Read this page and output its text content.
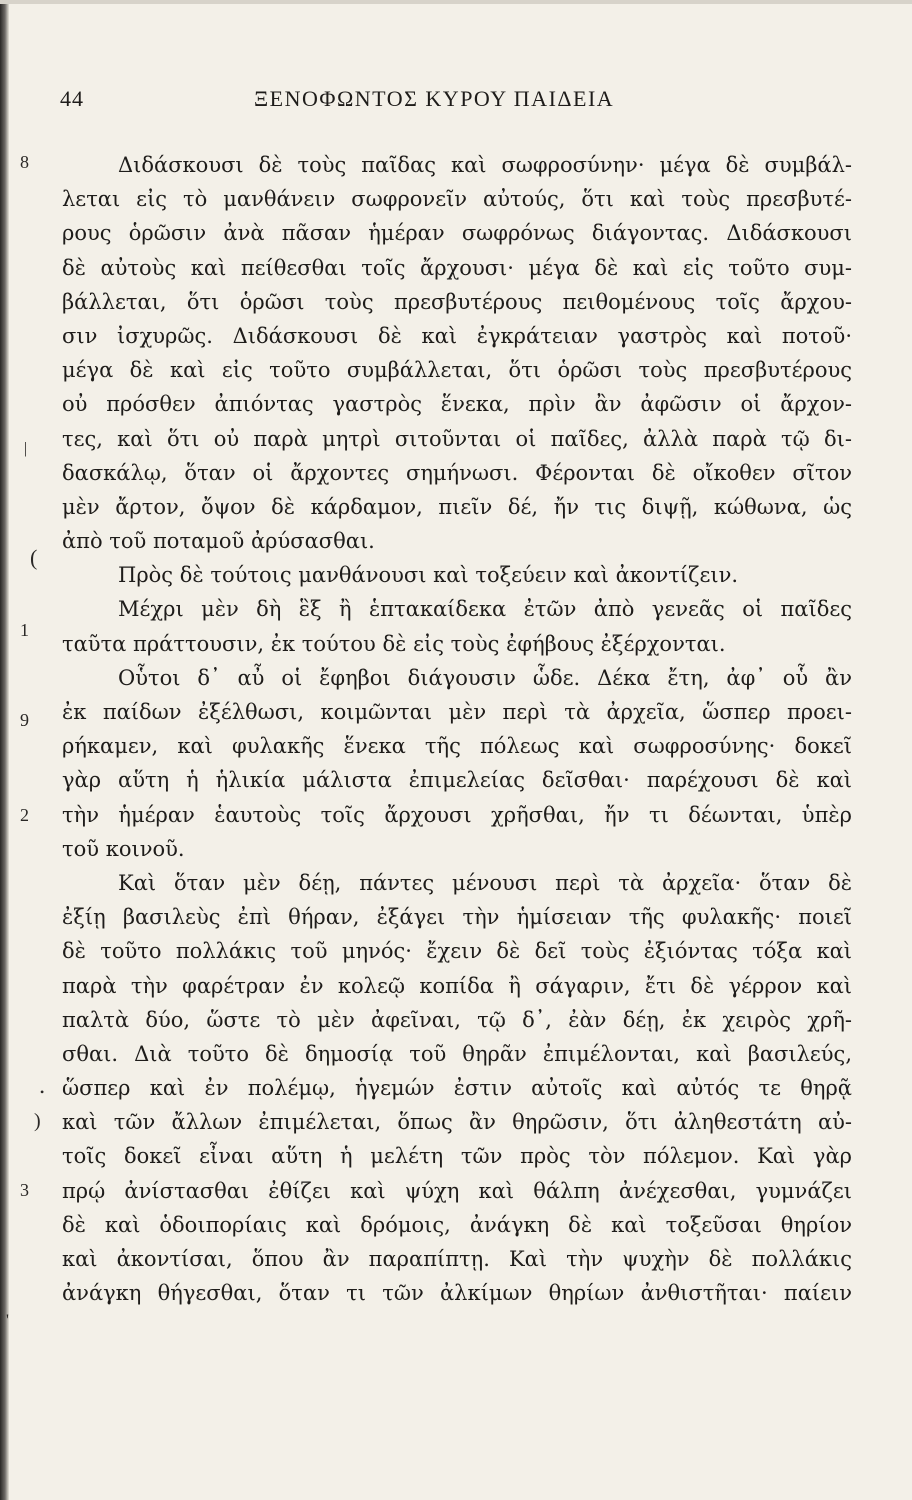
44	ΞΕΝΟΦΩΝΤΟΣ ΚΥΡΟΥ ΠΑΙΔΕΙΑ
8
1
9
2
)
3
(
|
•
'
Διδάσκουσι δὲ τοὺς παῖδας καὶ σωφροσύνην· μέγα δὲ συμβάλ-
λεται εἰς τὸ μανθάνειν σωφρονεῖν αὐτούς, ὅτι καὶ τοὺς πρεσβυτέ-
ρους ὁρῶσιν ἀνὰ πᾶσαν ἡμέραν σωφρόνως διάγοντας. Διδάσκουσι
δὲ αὐτοὺς καὶ πείθεσθαι τοῖς ἄρχουσι· μέγα δὲ καὶ εἰς τοῦτο συμ-
βάλλεται, ὅτι ὁρῶσι τοὺς πρεσβυτέρους πειθομένους τοῖς ἄρχου-
σιν ἰσχυρῶς. Διδάσκουσι δὲ καὶ ἐγκράτειαν γαστρὸς καὶ ποτοῦ·
μέγα δὲ καὶ εἰς τοῦτο συμβάλλεται, ὅτι ὁρῶσι τοὺς πρεσβυτέρους
οὐ πρόσθεν ἀπιόντας γαστρὸς ἕνεκα, πρὶν ἂν ἀφῶσιν οἱ ἄρχον-
τες, καὶ ὅτι οὐ παρὰ μητρὶ σιτοῦνται οἱ παῖδες, ἀλλὰ παρὰ τῷ δι-
δασκάλῳ, ὅταν οἱ ἄρχοντες σημήνωσι. Φέρονται δὲ οἴκοθεν σῖτον
μὲν ἄρτον, ὄψον δὲ κάρδαμον, πιεῖν δέ, ἤν τις διψῇ, κώθωνα, ὡς
ἀπὸ τοῦ ποταμοῦ ἀρύσασθαι.
Πρὸς δὲ τούτοις μανθάνουσι καὶ τοξεύειν καὶ ἀκοντίζειν.
Μέχρι μὲν δὴ ἓξ ἢ ἑπτακαίδεκα ἐτῶν ἀπὸ γενεᾶς οἱ παῖδες
ταῦτα πράττουσιν, ἐκ τούτου δὲ εἰς τοὺς ἐφήβους ἐξέρχονται.
Οὗτοι δ᾽ αὖ οἱ ἔφηβοι διάγουσιν ὧδε. Δέκα ἔτη, ἀφ᾽ οὗ ἂν
ἐκ παίδων ἐξέλθωσι, κοιμῶνται μὲν περὶ τὰ ἀρχεῖα, ὥσπερ προει-
ρήκαμεν, καὶ φυλακῆς ἕνεκα τῆς πόλεως καὶ σωφροσύνης· δοκεῖ
γὰρ αὕτη ἡ ἡλικία μάλιστα ἐπιμελείας δεῖσθαι· παρέχουσι δὲ καὶ
τὴν ἡμέραν ἑαυτοὺς τοῖς ἄρχουσι χρῆσθαι, ἤν τι δέωνται, ὑπὲρ
τοῦ κοινοῦ.
Καὶ ὅταν μὲν δέῃ, πάντες μένουσι περὶ τὰ ἀρχεῖα· ὅταν δὲ
ἐξίῃ βασιλεὺς ἐπὶ θήραν, ἐξάγει τὴν ἡμίσειαν τῆς φυλακῆς· ποιεῖ
δὲ τοῦτο πολλάκις τοῦ μηνός· ἔχειν δὲ δεῖ τοὺς ἐξιόντας τόξα καὶ
παρὰ τὴν φαρέτραν ἐν κολεῷ κοπίδα ἢ σάγαριν, ἔτι δὲ γέρρον καὶ
παλτὰ δύο, ὥστε τὸ μὲν ἀφεῖναι, τῷ δ᾽, ἐὰν δέῃ, ἐκ χειρὸς χρῆ-
σθαι. Διὰ τοῦτο δὲ δημοσίᾳ τοῦ θηρᾶν ἐπιμέλονται, καὶ βασιλεύς,
ὥσπερ καὶ ἐν πολέμῳ, ἡγεμών ἐστιν αὐτοῖς καὶ αὐτός τε θηρᾷ
καὶ τῶν ἄλλων ἐπιμέλεται, ὅπως ἂν θηρῶσιν, ὅτι ἀληθεστάτη αὐ-
τοῖς δοκεῖ εἶναι αὕτη ἡ μελέτη τῶν πρὸς τὸν πόλεμον. Καὶ γὰρ
πρῴ ἀνίστασθαι ἐθίζει καὶ ψύχη καὶ θάλπη ἀνέχεσθαι, γυμνάζει
δὲ καὶ ὁδοιπορίαις καὶ δρόμοις, ἀνάγκη δὲ καὶ τοξεῦσαι θηρίον
καὶ ἀκοντίσαι, ὅπου ἂν παραπίπτῃ. Καὶ τὴν ψυχὴν δὲ πολλάκις
ἀνάγκη θήγεσθαι, ὅταν τι τῶν ἀλκίμων θηρίων ἀνθιστῆται· παίειν
